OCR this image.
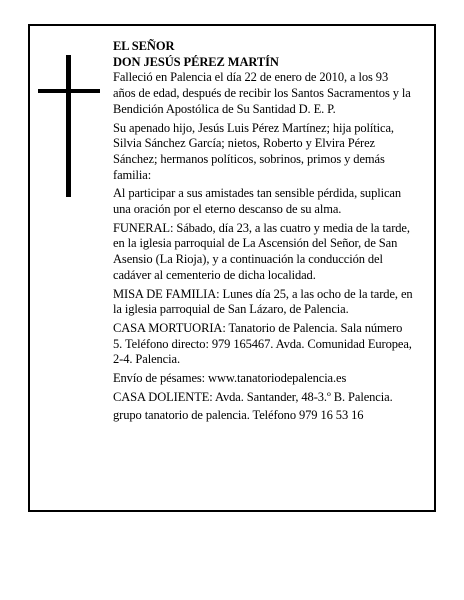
EL SEÑOR

DON JESÚS PÉREZ MARTÍN

Falleció en Palencia el día 22 de enero de 2010, a los 93 años de edad, después de recibir los Santos Sacramentos y la Bendición Apostólica de Su Santidad D. E. P.

Su apenado hijo, Jesús Luis Pérez Martínez; hija política, Silvia Sánchez García; nietos, Roberto y Elvira Pérez Sánchez; hermanos políticos, sobrinos, primos y demás familia:

Al participar a sus amistades tan sensible pérdida, suplican una oración por el eterno descanso de su alma.

FUNERAL: Sábado, día 23, a las cuatro y media de la tarde, en la iglesia parroquial de La Ascensión del Señor, de San Asensio (La Rioja), y a continuación la conducción del cadáver al cementerio de dicha localidad.

MISA DE FAMILIA: Lunes día 25, a las ocho de la tarde, en la iglesia parroquial de San Lázaro, de Palencia.

CASA MORTUORIA: Tanatorio de Palencia. Sala número 5. Teléfono directo: 979 165467. Avda. Comunidad Europea, 2-4. Palencia.

Envío de pésames: www.tanatoriodepalencia.es

CASA DOLIENTE: Avda. Santander, 48-3.º B. Palencia.

grupo tanatorio de palencia. Teléfono 979 16 53 16
